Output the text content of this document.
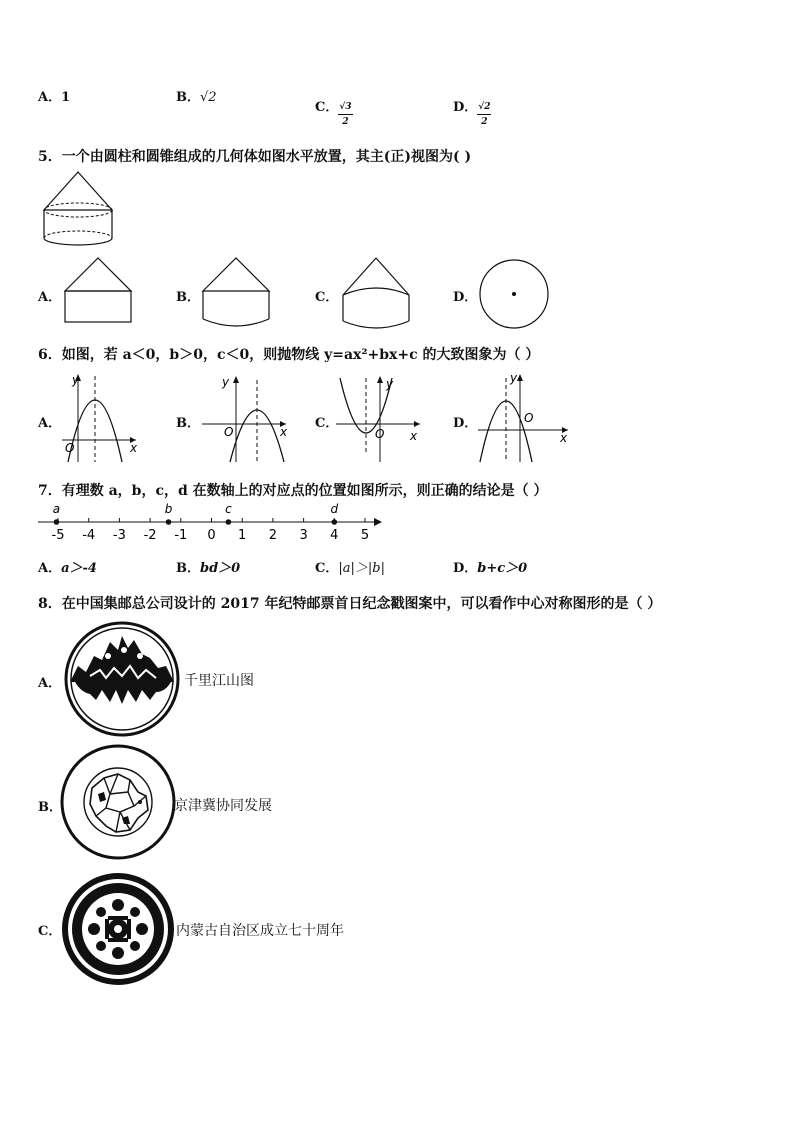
A．1	B．√2
C． $\frac{√3}{2}$	D． $\frac{√2}{2}$
5．一个由圆柱和圆锥组成的几何体如图水平放置，其主(正)视图为( )
A．	B．	C．	D．
6．如图，若 a＜0，b＞0，c＜0，则抛物线 y=ax²+bx+c 的大致图象为（ ）
A．
y
x
O
B．
y
x
O
C．
y
x
O
D．
y
x
O
7．有理数 a，b，c，d 在数轴上的对应点的位置如图所示，则正确的结论是（ ）
-5 -4 -3 -2 -1 0 1 2 3 4 5
a	b	c	d
A．a＞-4	B．bd＞0	C．|a|＞|b|	D．b+c＞0
8．在中国集邮总公司设计的 2017 年纪特邮票首日纪念戳图案中，可以看作中心对称图形的是（ ）
A．	千里江山图
B．	京津冀协同发展
C．	内蒙古自治区成立七十周年
